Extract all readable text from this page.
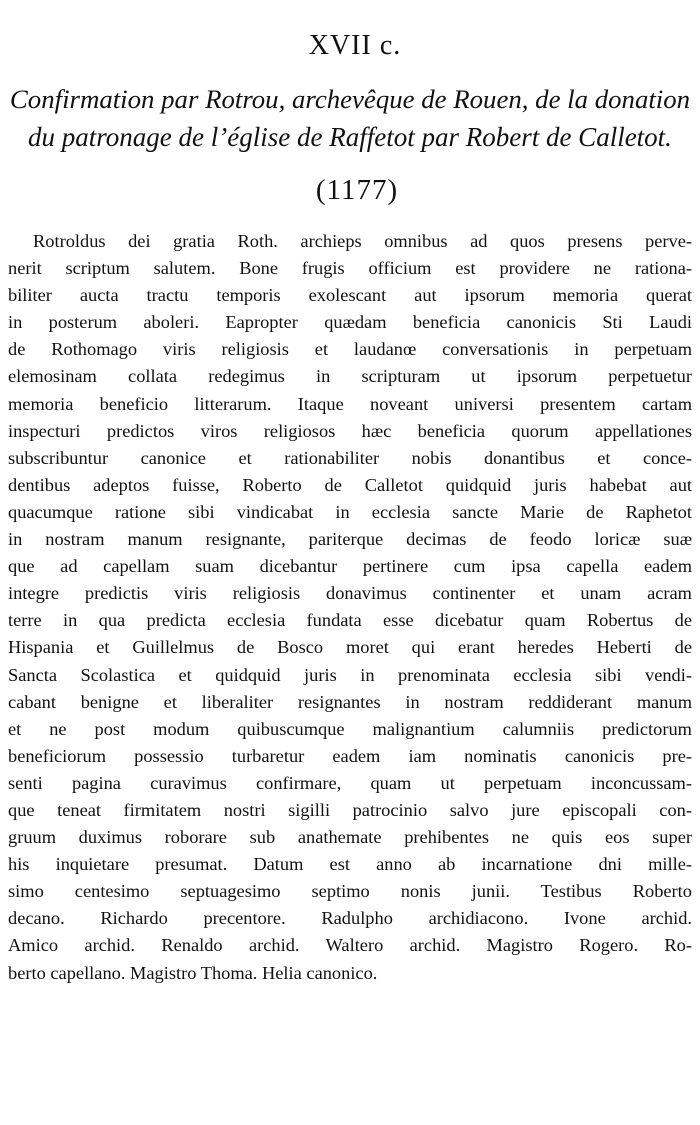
XVII c.
Confirmation par Rotrou, archevêque de Rouen, de la donation
du patronage de l’église de Raffetot par Robert de Calletot.
(1177)
Rotroldus dei gratia Roth. archieps omnibus ad quos presens perve-
nerit scriptum salutem. Bone frugis officium est providere ne rationa-
biliter aucta tractu temporis exolescant aut ipsorum memoria querat
in posterum aboleri. Eapropter quædam beneficia canonicis Sti Laudi
de Rothomago viris religiosis et laudanœ conversationis in perpetuam
elemosinam collata redegimus in scripturam ut ipsorum perpetuetur
memoria beneficio litterarum. Itaque noveant universi presentem cartam
inspecturi predictos viros religiosos hæc beneficia quorum appellationes
subscribuntur canonice et rationabiliter nobis donantibus et conce-
dentibus adeptos fuisse, Roberto de Calletot quidquid juris habebat aut
quacumque ratione sibi vindicabat in ecclesia sancte Marie de Raphetot
in nostram manum resignante, pariterque decimas de feodo loricæ suæ
que ad capellam suam dicebantur pertinere cum ipsa capella eadem
integre predictis viris religiosis donavimus continenter et unam acram
terre in qua predicta ecclesia fundata esse dicebatur quam Robertus de
Hispania et Guillelmus de Bosco moret qui erant heredes Heberti de
Sancta Scolastica et quidquid juris in prenominata ecclesia sibi vendi-
cabant benigne et liberaliter resignantes in nostram reddiderant manum
et ne post modum quibuscumque malignantium calumniis predictorum
beneficiorum possessio turbaretur eadem iam nominatis canonicis pre-
senti pagina curavimus confirmare, quam ut perpetuam inconcussam-
que teneat firmitatem nostri sigilli patrocinio salvo jure episcopali con-
gruum duximus roborare sub anathemate prehibentes ne quis eos super
his inquietare presumat. Datum est anno ab incarnatione dni mille-
simo centesimo septuagesimo septimo nonis junii. Testibus Roberto
decano. Richardo precentore. Radulpho archidiacono. Ivone archid.
Amico archid. Renaldo archid. Waltero archid. Magistro Rogero. Ro-
berto capellano. Magistro Thoma. Helia canonico.
